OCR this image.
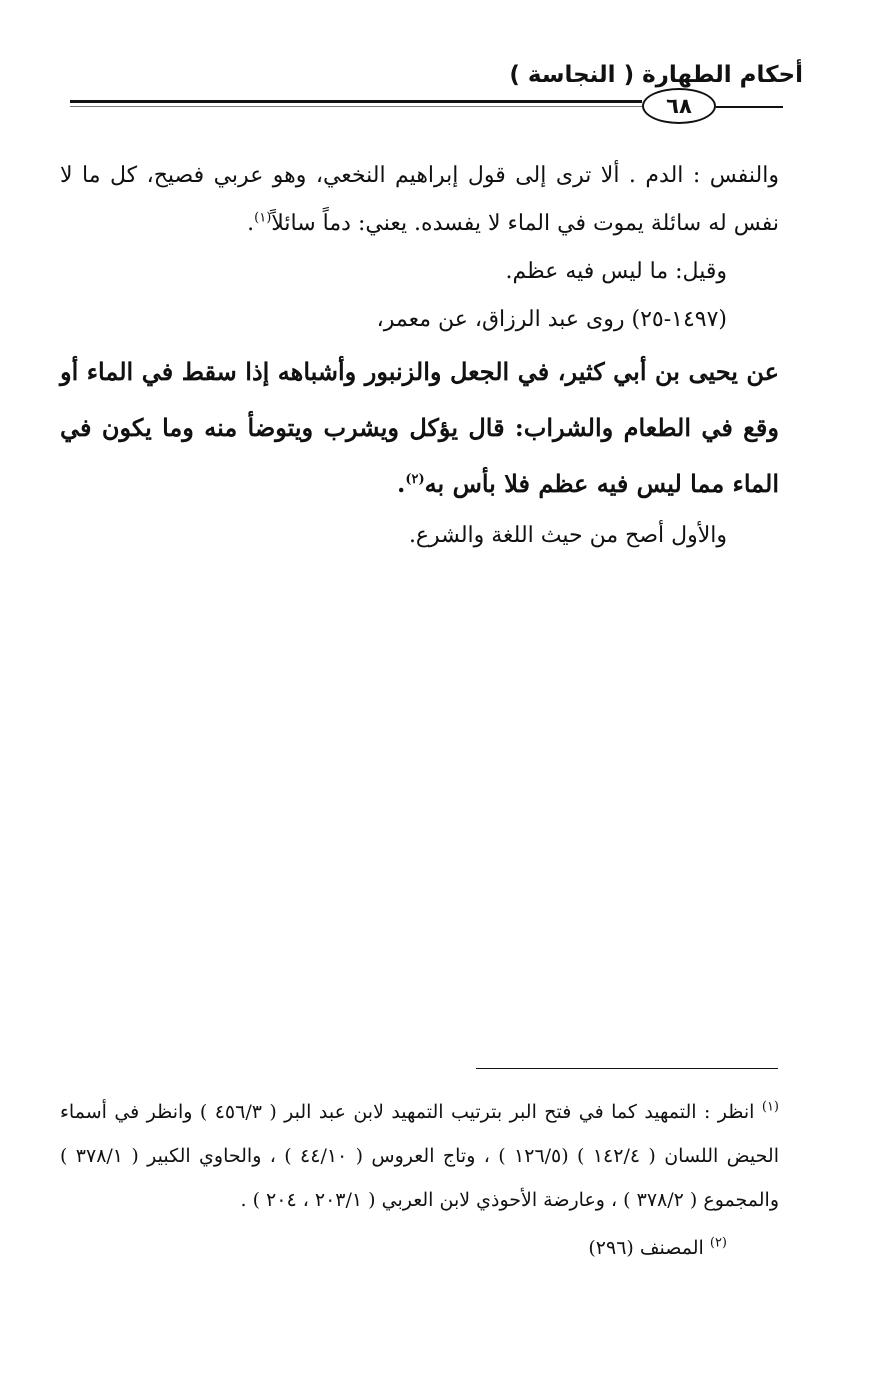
أحكام الطهارة ( النجاسة )
٦٨

والنفس : الدم . ألا ترى إلى قول إبراهيم النخعي، وهو عربي فصيح، كل ما لا نفس له سائلة يموت في الماء لا يفسده. يعني: دماً سائلاً$^{(١)}$.

وقيل: ما ليس فيه عظم.

(١٤٩٧-٢٥) روى عبد الرزاق، عن معمر،

عن يحيى بن أبي كثير، في الجعل والزنبور وأشباهه إذا سقط في الماء أو وقع في الطعام والشراب: قال يؤكل ويشرب ويتوضأ منه وما يكون في الماء مما ليس فيه عظم فلا بأس به$^{(٢)}$.

والأول أصح من حيث اللغة والشرع.

$^{(١)}$ انظر : التمهيد كما في فتح البر بترتيب التمهيد لابن عبد البر ( ٤٥٦/٣ ) وانظر في أسماء الحيض اللسان ( ١٤٢/٤ ) (١٢٦/٥ ) ، وتاج العروس ( ٤٤/١٠ ) ، والحاوي الكبير ( ٣٧٨/١ ) والمجموع ( ٣٧٨/٢ ) ، وعارضة الأحوذي لابن العربي ( ٢٠٣/١ ، ٢٠٤ ) .

$^{(٢)}$ المصنف (٢٩٦)
